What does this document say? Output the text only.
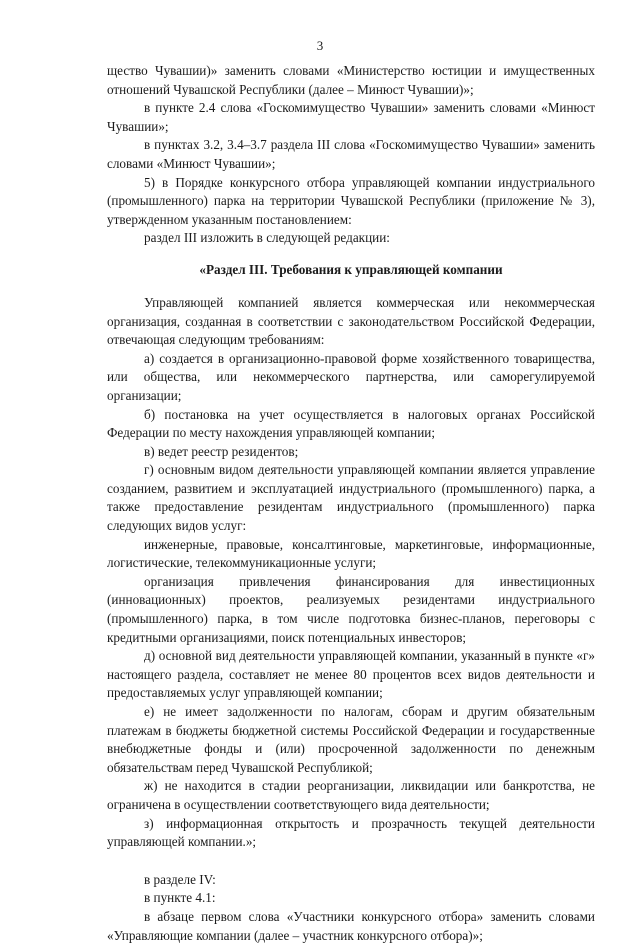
3

щество Чувашии)» заменить словами «Министерство юстиции и имущественных отношений Чувашской Республики (далее – Минюст Чувашии)»;

в пункте 2.4 слова «Госкомимущество Чувашии» заменить словами «Минюст Чувашии»;

в пунктах 3.2, 3.4–3.7 раздела III слова «Госкомимущество Чувашии» заменить словами «Минюст Чувашии»;

5) в Порядке конкурсного отбора управляющей компании индустриального (промышленного) парка на территории Чувашской Республики (приложение № 3), утвержденном указанным постановлением:

раздел III изложить в следующей редакции:

«Раздел III. Требования к управляющей компании

Управляющей компанией является коммерческая или некоммерческая организация, созданная в соответствии с законодательством Российской Федерации, отвечающая следующим требованиям:

а) создается в организационно-правовой форме хозяйственного товарищества, или общества, или некоммерческого партнерства, или саморегулируемой организации;

б) постановка на учет осуществляется в налоговых органах Российской Федерации по месту нахождения управляющей компании;

в) ведет реестр резидентов;

г) основным видом деятельности управляющей компании является управление созданием, развитием и эксплуатацией индустриального (промышленного) парка, а также предоставление резидентам индустриального (промышленного) парка следующих видов услуг:

инженерные, правовые, консалтинговые, маркетинговые, информационные, логистические, телекоммуникационные услуги;

организация привлечения финансирования для инвестиционных (инновационных) проектов, реализуемых резидентами индустриального (промышленного) парка, в том числе подготовка бизнес-планов, переговоры с кредитными организациями, поиск потенциальных инвесторов;

д) основной вид деятельности управляющей компании, указанный в пункте «г» настоящего раздела, составляет не менее 80 процентов всех видов деятельности и предоставляемых услуг управляющей компании;

е) не имеет задолженности по налогам, сборам и другим обязательным платежам в бюджеты бюджетной системы Российской Федерации и государственные внебюджетные фонды и (или) просроченной задолженности по денежным обязательствам перед Чувашской Республикой;

ж) не находится в стадии реорганизации, ликвидации или банкротства, не ограничена в осуществлении соответствующего вида деятельности;

з) информационная открытость и прозрачность текущей деятельности управляющей компании.»;

в разделе IV:

в пункте 4.1:

в абзаце первом слова «Участники конкурсного отбора» заменить словами «Управляющие компании (далее – участник конкурсного отбора)»;
